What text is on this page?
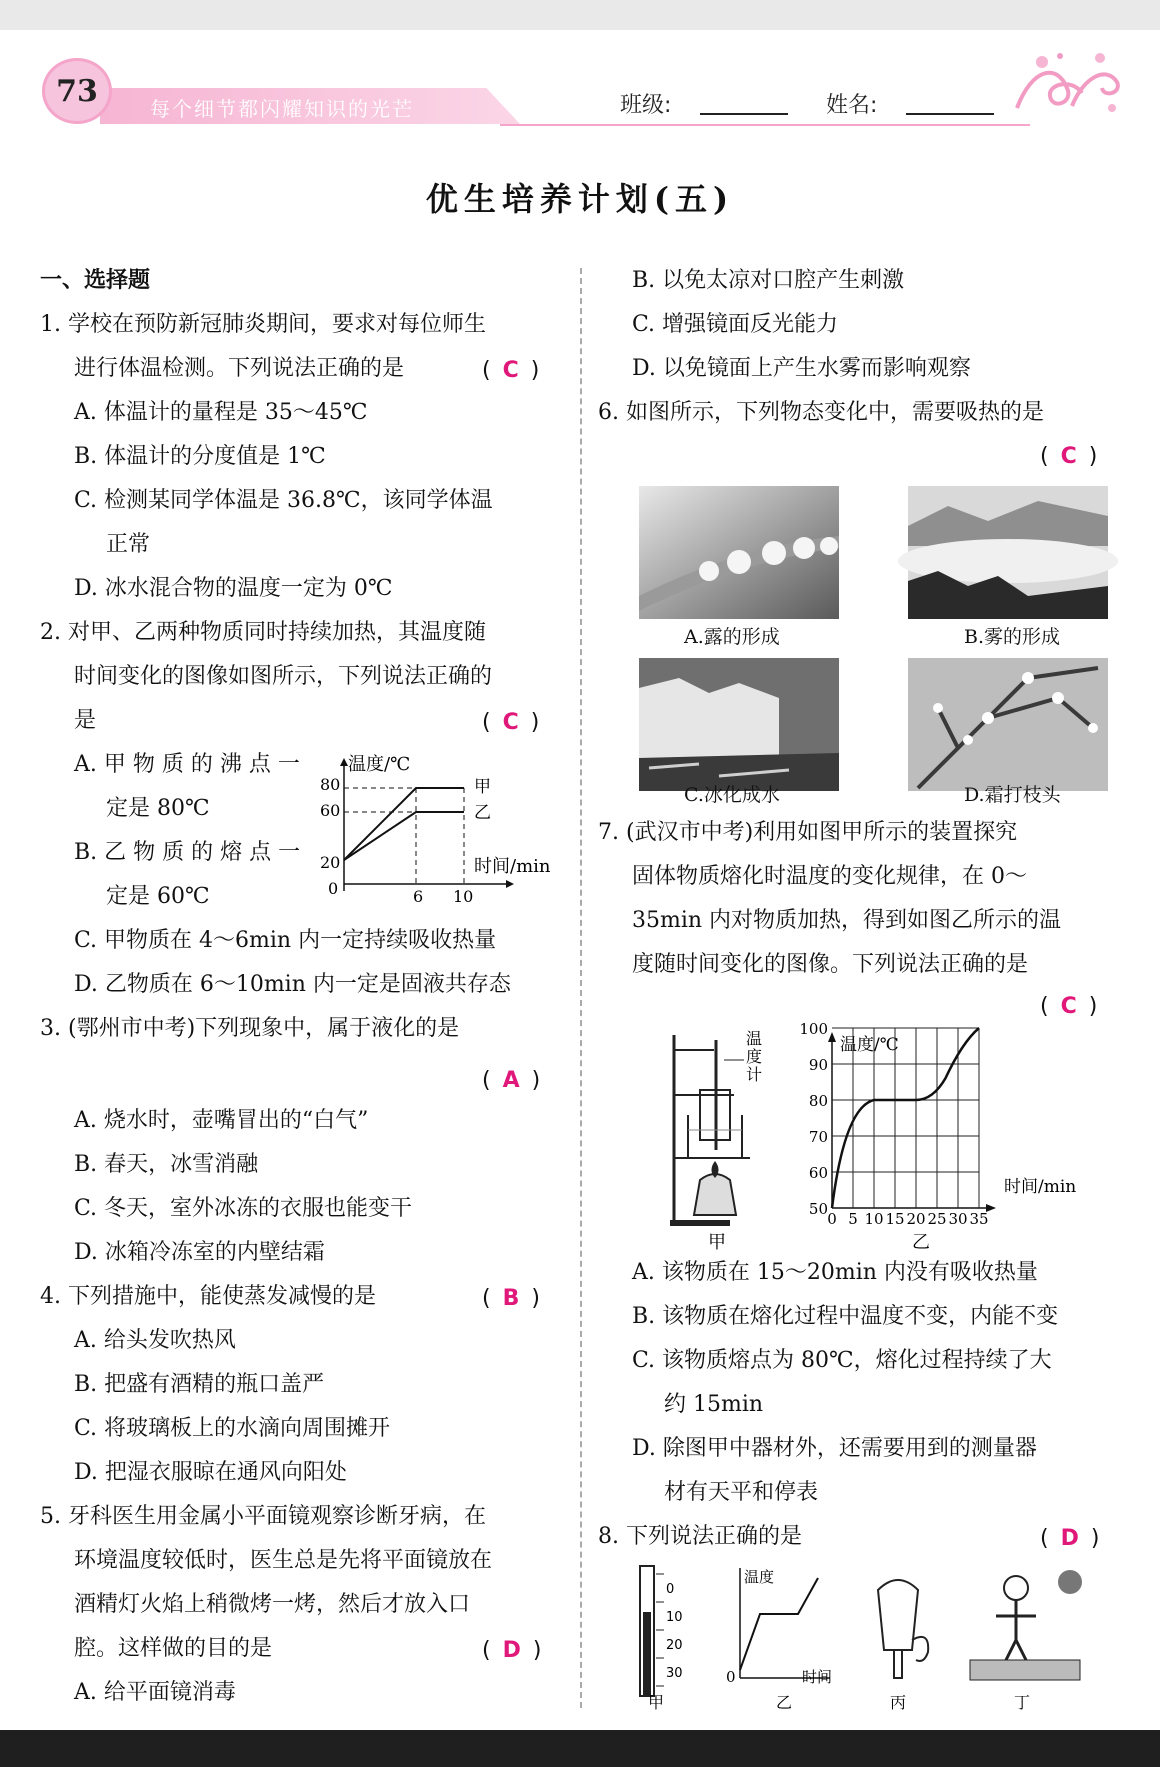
73
每个细节都闪耀知识的光芒	班级:	姓名:
优生培养计划(五)
一、选择题
1. 学校在预防新冠肺炎期间，要求对每位师生
进行体温检测。下列说法正确的是	( C )
A. 体温计的量程是 35～45℃
B. 体温计的分度值是 1℃
C. 检测某同学体温是 36.8℃，该同学体温
正常
D. 冰水混合物的温度一定为 0℃
2. 对甲、乙两种物质同时持续加热，其温度随
时间变化的图像如图所示，下列说法正确的
是	( C )
A. 甲 物 质 的 沸 点 一
定是 80℃
B. 乙 物 质 的 熔 点 一
定是 60℃
C. 甲物质在 4～6min 内一定持续吸收热量
D. 乙物质在 6～10min 内一定是固液共存态
温度/℃
时间/min
80
60
20
0	6 10
甲
乙
3. (鄂州市中考)下列现象中，属于液化的是
( A )
A. 烧水时，壶嘴冒出的“白气”
B. 春天，冰雪消融
C. 冬天，室外冰冻的衣服也能变干
D. 冰箱冷冻室的内壁结霜
4. 下列措施中，能使蒸发减慢的是	( B )
A. 给头发吹热风
B. 把盛有酒精的瓶口盖严
C. 将玻璃板上的水滴向周围摊开
D. 把湿衣服晾在通风向阳处
5. 牙科医生用金属小平面镜观察诊断牙病，在
环境温度较低时，医生总是先将平面镜放在
酒精灯火焰上稍微烤一烤，然后才放入口
腔。这样做的目的是	( D )
A. 给平面镜消毒
B. 以免太凉对口腔产生刺激
C. 增强镜面反光能力
D. 以免镜面上产生水雾而影响观察
6. 如图所示，下列物态变化中，需要吸热的是
( C )
A.露的形成	B.雾的形成
C.冰化成水	D.霜打枝头
7. (武汉市中考)利用如图甲所示的装置探究
固体物质熔化时温度的变化规律，在 0～
35min 内对物质加热，得到如图乙所示的温
度随时间变化的图像。下列说法正确的是
( C )
温
度
计
甲
温度/℃
时间/min
100
90
80
70
60
50
0 5 10 15 20 25 30 35
乙
A. 该物质在 15～20min 内没有吸收热量
B. 该物质在熔化过程中温度不变，内能不变
C. 该物质熔点为 80℃，熔化过程持续了大
约 15min
D. 除图甲中器材外，还需要用到的测量器
材有天平和停表
8. 下列说法正确的是	( D )
0
10
20
30
甲
温度
时间
0
乙	丙	丁
